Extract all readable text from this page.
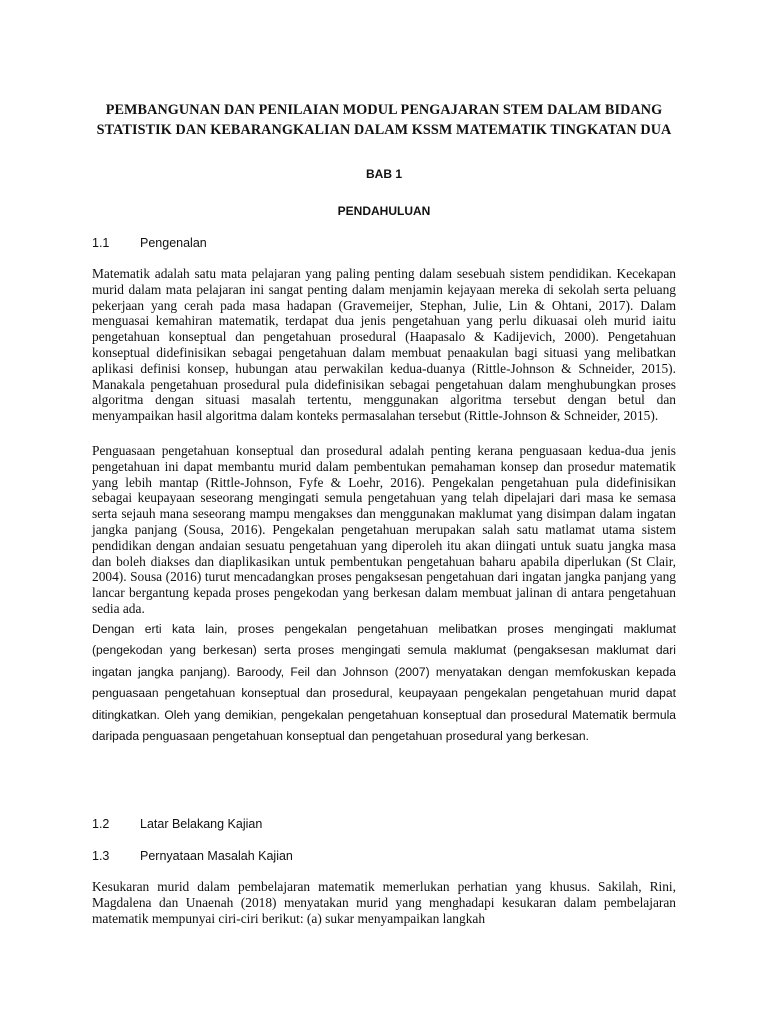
PEMBANGUNAN DAN PENILAIAN MODUL PENGAJARAN STEM DALAM BIDANG STATISTIK DAN KEBARANGKALIAN DALAM KSSM MATEMATIK TINGKATAN DUA
BAB 1
PENDAHULUAN
1.1 Pengenalan

Matematik adalah satu mata pelajaran yang paling penting dalam sesebuah sistem pendidikan. Kecekapan murid dalam mata pelajaran ini sangat penting dalam menjamin kejayaan mereka di sekolah serta peluang pekerjaan yang cerah pada masa hadapan (Gravemeijer, Stephan, Julie, Lin & Ohtani, 2017). Dalam menguasai kemahiran matematik, terdapat dua jenis pengetahuan yang perlu dikuasai oleh murid iaitu pengetahuan konseptual dan pengetahuan prosedural (Haapasalo & Kadijevich, 2000). Pengetahuan konseptual didefinisikan sebagai pengetahuan dalam membuat penaakulan bagi situasi yang melibatkan aplikasi definisi konsep, hubungan atau perwakilan kedua-duanya (Rittle-Johnson & Schneider, 2015). Manakala pengetahuan prosedural pula didefinisikan sebagai pengetahuan dalam menghubungkan proses algoritma dengan situasi masalah tertentu, menggunakan algoritma tersebut dengan betul dan menyampaikan hasil algoritma dalam konteks permasalahan tersebut (Rittle-Johnson & Schneider, 2015).

Penguasaan pengetahuan konseptual dan prosedural adalah penting kerana penguasaan kedua-dua jenis pengetahuan ini dapat membantu murid dalam pembentukan pemahaman konsep dan prosedur matematik yang lebih mantap (Rittle-Johnson, Fyfe & Loehr, 2016). Pengekalan pengetahuan pula didefinisikan sebagai keupayaan seseorang mengingati semula pengetahuan yang telah dipelajari dari masa ke semasa serta sejauh mana seseorang mampu mengakses dan menggunakan maklumat yang disimpan dalam ingatan jangka panjang (Sousa, 2016). Pengekalan pengetahuan merupakan salah satu matlamat utama sistem pendidikan dengan andaian sesuatu pengetahuan yang diperoleh itu akan diingati untuk suatu jangka masa dan boleh diakses dan diaplikasikan untuk pembentukan pengetahuan baharu apabila diperlukan (St Clair, 2004). Sousa (2016) turut mencadangkan proses pengaksesan pengetahuan dari ingatan jangka panjang yang lancar bergantung kepada proses pengekodan yang berkesan dalam membuat jalinan di antara pengetahuan sedia ada.

Dengan erti kata lain, proses pengekalan pengetahuan melibatkan proses mengingati maklumat (pengekodan yang berkesan) serta proses mengingati semula maklumat (pengaksesan maklumat dari ingatan jangka panjang). Baroody, Feil dan Johnson (2007) menyatakan dengan memfokuskan kepada penguasaan pengetahuan konseptual dan prosedural, keupayaan pengekalan pengetahuan murid dapat ditingkatkan. Oleh yang demikian, pengekalan pengetahuan konseptual dan prosedural Matematik bermula daripada penguasaan pengetahuan konseptual dan pengetahuan prosedural yang berkesan.

1.2 Latar Belakang Kajian
1.3 Pernyataan Masalah Kajian

Kesukaran murid dalam pembelajaran matematik memerlukan perhatian yang khusus. Sakilah, Rini, Magdalena dan Unaenah (2018) menyatakan murid yang menghadapi kesukaran dalam pembelajaran matematik mempunyai ciri-ciri berikut: (a) sukar menyampaikan langkah
